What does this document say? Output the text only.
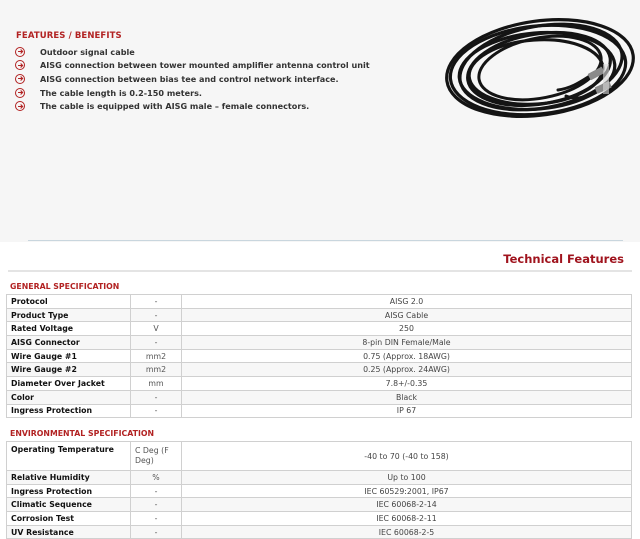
FEATURES / BENEFITS
Outdoor signal cable
AISG connection between tower mounted amplifier antenna control unit
AISG connection between bias tee and control network interface.
The cable length is 0.2-150 meters.
The cable is equipped with AISG male – female connectors.
Technical Features
GENERAL SPECIFICATION
Protocol	-	AISG 2.0
Product Type	-	AISG Cable
Rated Voltage	V	250
AISG Connector	-	8-pin DIN Female/Male
Wire Gauge #1	mm2	0.75 (Approx. 18AWG)
Wire Gauge #2	mm2	0.25 (Approx. 24AWG)
Diameter Over Jacket	mm	7.8+/-0.35
Color	-	Black
Ingress Protection	-	IP 67
ENVIRONMENTAL SPECIFICATION
Operating Temperature	C Deg (F Deg)	-40 to 70 (-40 to 158)
Relative Humidity	%	Up to 100
Ingress Protection	-	IEC 60529:2001, IP67
Climatic Sequence	-	IEC 60068-2-14
Corrosion Test	-	IEC 60068-2-11
UV Resistance	-	IEC 60068-2-5
